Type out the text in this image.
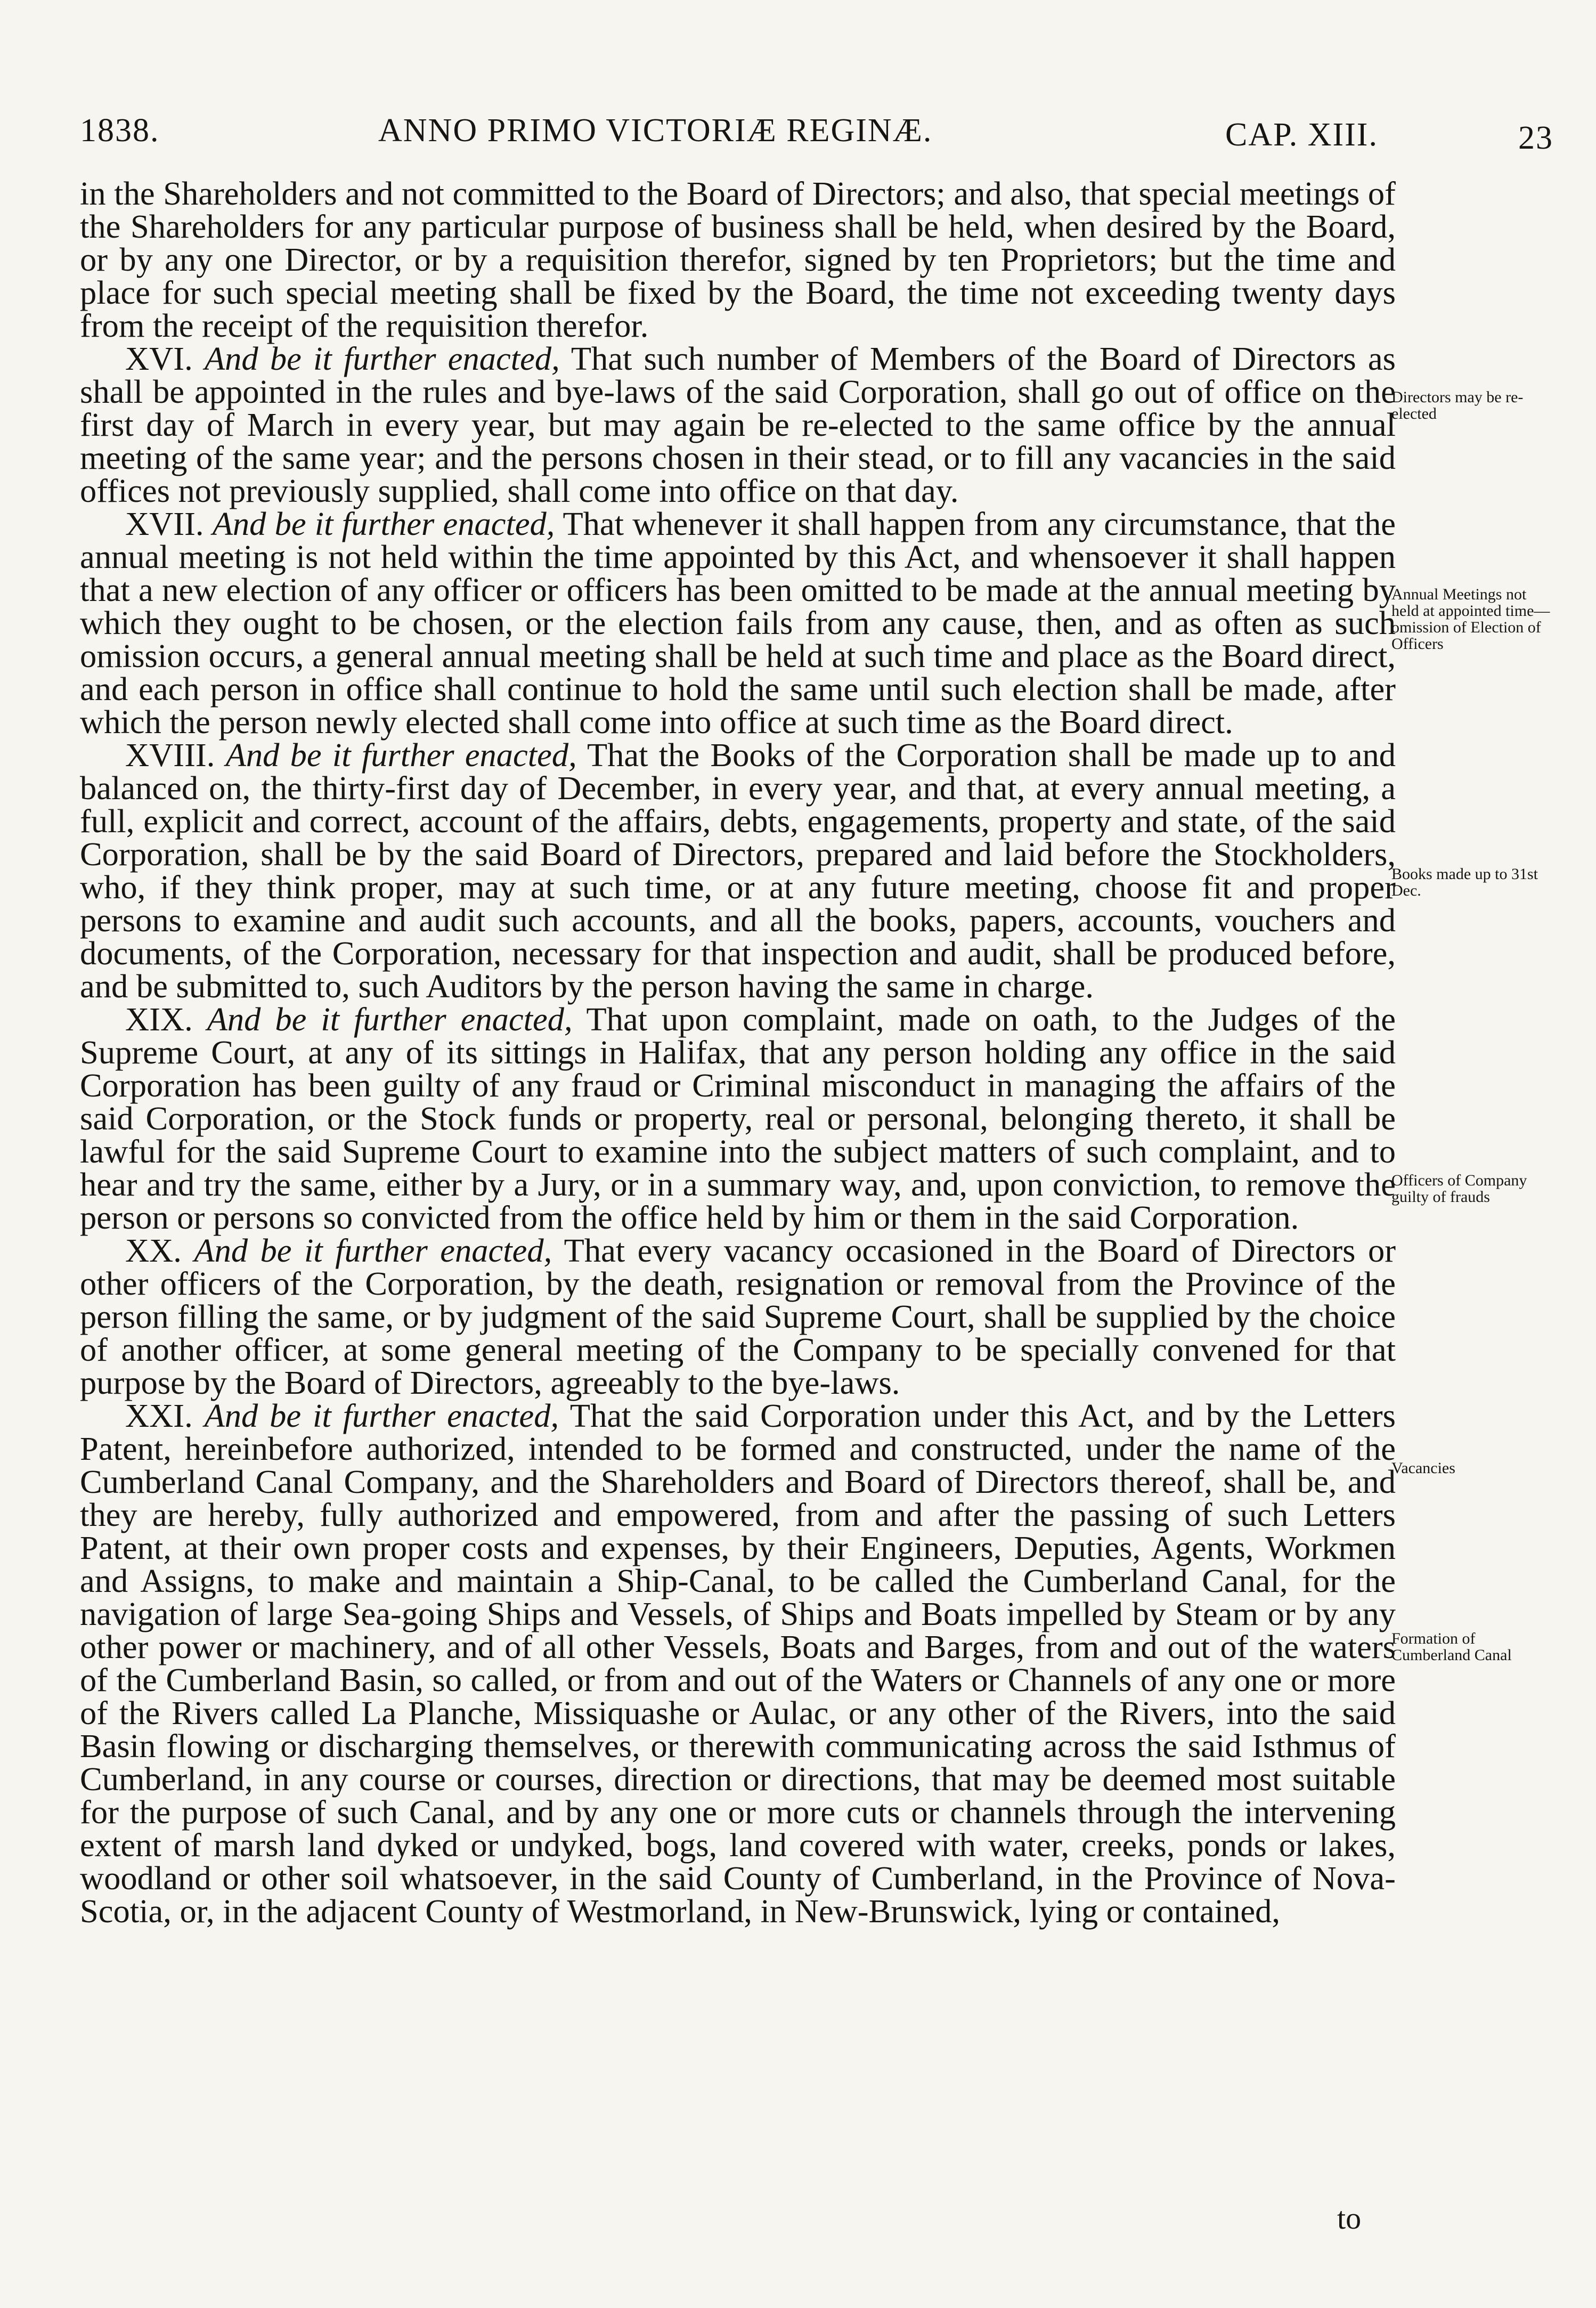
1838.	ANNO PRIMO VICTORIÆ REGINÆ.	CAP. XIII.	23

in the Shareholders and not committed to the Board of Directors; and also, that special meetings of the Shareholders for any particular purpose of business shall be held, when desired by the Board, or by any one Director, or by a requisition therefor, signed by ten Proprietors; but the time and place for such special meeting shall be fixed by the Board, the time not exceeding twenty days from the receipt of the requisition therefor.

XVI. And be it further enacted, That such number of Members of the Board of Directors as shall be appointed in the rules and bye-laws of the said Corporation, shall go out of office on the first day of March in every year, but may again be re-elected to the same office by the annual meeting of the same year; and the persons chosen in their stead, or to fill any vacancies in the said offices not previously supplied, shall come into office on that day.

XVII. And be it further enacted, That whenever it shall happen from any circumstance, that the annual meeting is not held within the time appointed by this Act, and whensoever it shall happen that a new election of any officer or officers has been omitted to be made at the annual meeting by which they ought to be chosen, or the election fails from any cause, then, and as often as such omission occurs, a general annual meeting shall be held at such time and place as the Board direct, and each person in office shall continue to hold the same until such election shall be made, after which the person newly elected shall come into office at such time as the Board direct.

XVIII. And be it further enacted, That the Books of the Corporation shall be made up to and balanced on, the thirty-first day of December, in every year, and that, at every annual meeting, a full, explicit and correct, account of the affairs, debts, engagements, property and state, of the said Corporation, shall be by the said Board of Directors, prepared and laid before the Stockholders, who, if they think proper, may at such time, or at any future meeting, choose fit and proper persons to examine and audit such accounts, and all the books, papers, accounts, vouchers and documents, of the Corporation, necessary for that inspection and audit, shall be produced before, and be submitted to, such Auditors by the person having the same in charge.

XIX. And be it further enacted, That upon complaint, made on oath, to the Judges of the Supreme Court, at any of its sittings in Halifax, that any person holding any office in the said Corporation has been guilty of any fraud or Criminal misconduct in managing the affairs of the said Corporation, or the Stock funds or property, real or personal, belonging thereto, it shall be lawful for the said Supreme Court to examine into the subject matters of such complaint, and to hear and try the same, either by a Jury, or in a summary way, and, upon conviction, to remove the person or persons so convicted from the office held by him or them in the said Corporation.

XX. And be it further enacted, That every vacancy occasioned in the Board of Directors or other officers of the Corporation, by the death, resignation or removal from the Province of the person filling the same, or by judgment of the said Supreme Court, shall be supplied by the choice of another officer, at some general meeting of the Company to be specially convened for that purpose by the Board of Directors, agreeably to the bye-laws.

XXI. And be it further enacted, That the said Corporation under this Act, and by the Letters Patent, hereinbefore authorized, intended to be formed and constructed, under the name of the Cumberland Canal Company, and the Shareholders and Board of Directors thereof, shall be, and they are hereby, fully authorized and empowered, from and after the passing of such Letters Patent, at their own proper costs and expenses, by their Engineers, Deputies, Agents, Workmen and Assigns, to make and maintain a Ship-Canal, to be called the Cumberland Canal, for the navigation of large Sea-going Ships and Vessels, of Ships and Boats impelled by Steam or by any other power or machinery, and of all other Vessels, Boats and Barges, from and out of the waters of the Cumberland Basin, so called, or from and out of the Waters or Channels of any one or more of the Rivers called La Planche, Missiquashe or Aulac, or any other of the Rivers, into the said Basin flowing or discharging themselves, or therewith communicating across the said Isthmus of Cumberland, in any course or courses, direction or directions, that may be deemed most suitable for the purpose of such Canal, and by any one or more cuts or channels through the intervening extent of marsh land dyked or undyked, bogs, land covered with water, creeks, ponds or lakes, woodland or other soil whatsoever, in the said County of Cumberland, in the Province of Nova-Scotia, or, in the adjacent County of Westmorland, in New-Brunswick, lying or contained,

Directors may be re-elected
Annual Meetings not held at appointed time—omission of Election of Officers
Books made up to 31st Dec.
Officers of Company guilty of frauds
Vacancies
Formation of Cumberland Canal
to
